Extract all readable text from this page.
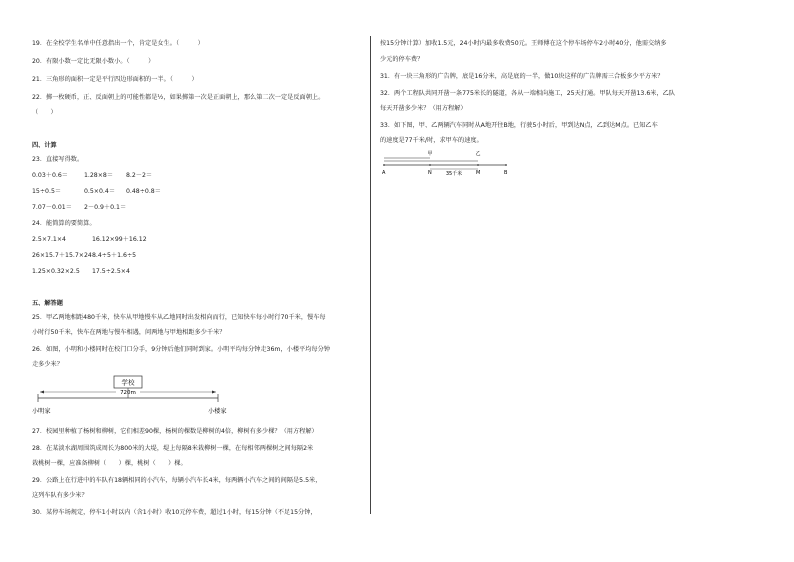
19．在全校学生名单中任意指出一个，肯定是女生。（　　　）
20．有限小数一定比无限小数小。（　　　）
21．三角形的面积一定是平行四边形面积的一半。（　　　）
22．掷一枚硬币，正、反面朝上的可能性都是½，如果掷第一次是正面朝上，那么第二次一定是反面朝上。
（　　）
四、计算
23．直接写得数。
0.03＋0.6＝	1.28×8＝ 8.2－2＝
15÷0.5＝	0.5×0.4＝ 0.48÷0.8＝
7.07－0.01＝ 2－0.9＋0.1＝
24．能简算的要简算。
2.5×7.1×4	16.12×99＋16.12
26×15.7＋15.7×24 8.4÷5＋1.6÷5
1.25×0.32×2.5 17.5÷2.5×4
五、解答题
25．甲乙两地相距480千米，快车从甲地慢车从乙地同时出发相向而行，已知快车每小时行70千米，慢车每
小时行50千米，快车在两地与慢车相遇，问两地与甲地相距多少千米？
26．如图，小明和小楼同时在校门口分手，9分钟后他们同时到家。小明平均每分钟走36m，小楼平均每分钟
走多少米？
学校
720m
小明家	小楼家
27．校园里种植了杨树和柳树，它们相差90棵，杨树的棵数是柳树的4倍，柳树有多少棵？（用方程解）
28．在某淡水湖周围筑成周长为800米的大堤，堤上每隔8米栽柳树一棵，在每相邻两棵树之间每隔2米
栽桃树一棵，应准备柳树（　　）棵，桃树（　　）棵。
29．公路上在行进中的车队有18辆相同的小汽车，每辆小汽车长4米，每两辆小汽车之间的间隔是5.5米，
这列车队有多少米？
30．某停车场规定，停车1小时以内（含1小时）收10元停车费，超过1小时，每15分钟（不足15分钟，
按15分钟计算）加收1.5元，24小时内最多收费50元。王师傅在这个停车场停车2小时40分，他需交纳多
少元的停车费？
31．有一块三角形的广告牌，底是16分米，高是底的一半，做10块这样的广告牌需三合板多少平方米？
32．两个工程队共同开凿一条775米长的隧道，各从一端相向施工，25天打通。甲队每天开凿13.6米，乙队
每天开凿多少米？（用方程解）
33．如下图，甲、乙两辆汽车同时从A地开往B地，行驶5小时后，甲到达N点，乙到达M点。已知乙车
的速度是77千米/时，求甲车的速度。
甲	乙
A	N	M	B
35千米
